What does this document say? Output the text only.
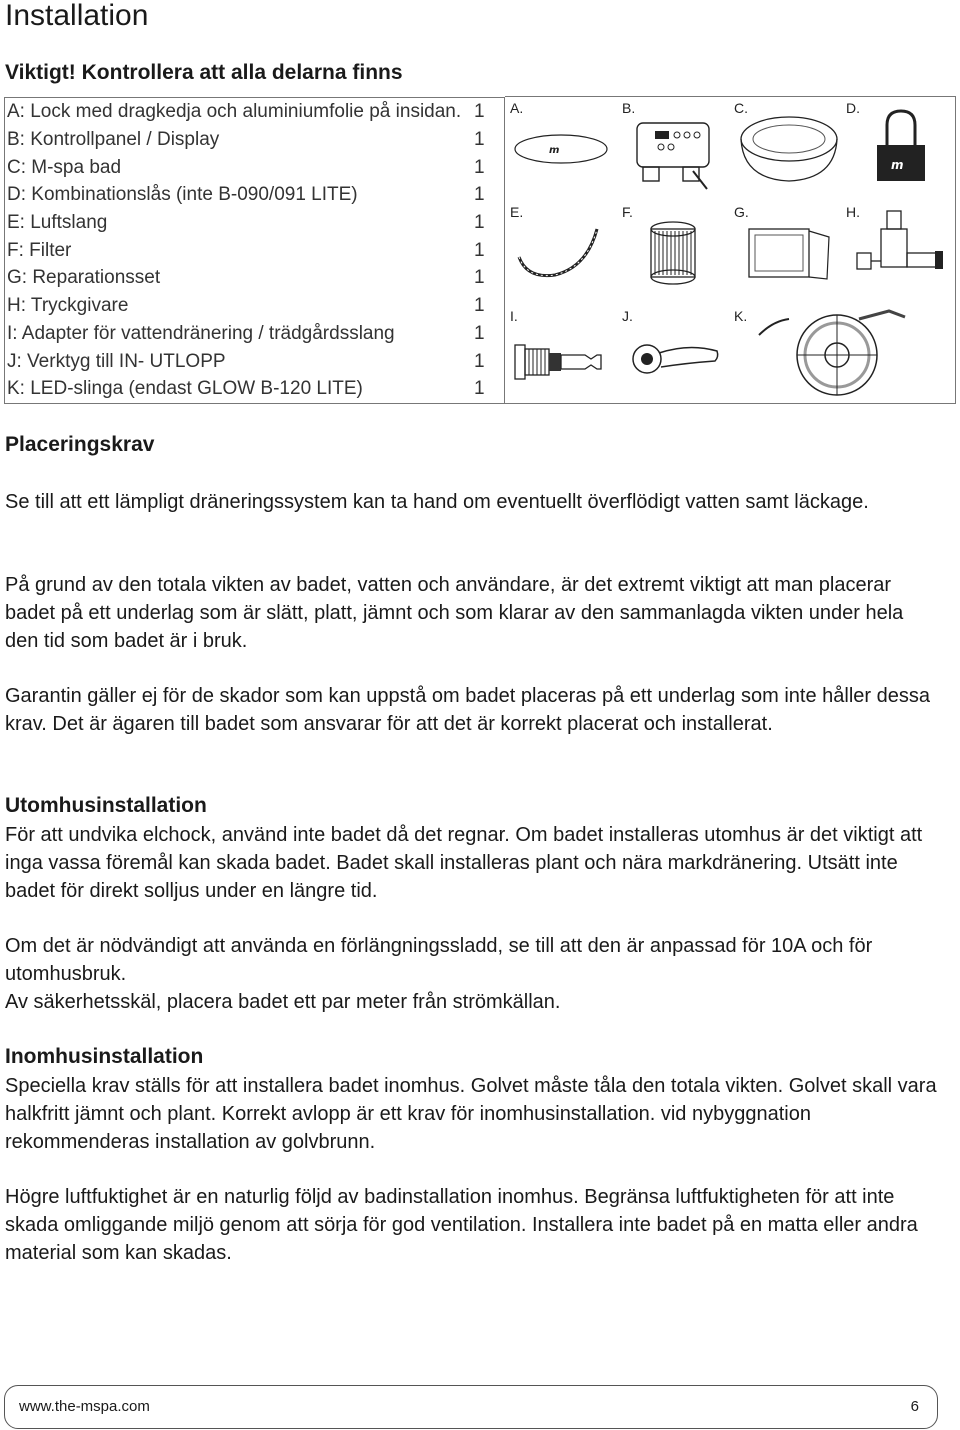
Installation
Viktigt! Kontrollera att alla delarna finns
A: Lock med dragkedja och aluminiumfolie på insidan.	1
B: Kontrollpanel / Display	1
C: M-spa bad	1
D: Kombinationslås (inte B-090/091 LITE)	1
E: Luftslang	1
F: Filter	1
G: Reparationsset	1
H: Tryckgivare	1
I: Adapter för vattendränering / trädgårdsslang	1
J: Verktyg till IN- UTLOPP	1
K: LED-slinga (endast GLOW B-120 LITE)	1
A.
m
B.	C.	D.
m
E.	F.	G.	H.
I.	J.	K.
Placeringskrav

Se till att ett lämpligt dräneringssystem kan ta hand om eventuellt överflödigt vatten samt läckage.

På grund av den totala vikten av badet, vatten och användare, är det extremt viktigt att man placerar badet på ett underlag som är slätt, platt, jämnt och som klarar av den sammanlagda vikten under hela den tid som badet är i bruk.

Garantin gäller ej för de skador som kan uppstå om badet placeras på ett underlag som inte håller dessa krav. Det är ägaren till badet som ansvarar för att det är korrekt placerat och installerat.

Utomhusinstallation

För att undvika elchock, använd inte badet då det regnar. Om badet installeras utomhus är det viktigt att inga vassa föremål kan skada badet. Badet skall installeras plant och nära markdränering. Utsätt inte badet för direkt solljus under en längre tid.

Om det är nödvändigt att använda en förlängningssladd, se till att den är anpassad för 10A och för utomhusbruk.

Av säkerhetsskäl, placera badet ett par meter från strömkällan.

Inomhusinstallation

Speciella krav ställs för att installera badet inomhus. Golvet måste tåla den totala vikten. Golvet skall vara halkfritt jämnt och plant. Korrekt avlopp är ett krav för inomhusinstallation. vid nybyggnation rekommenderas installation av golvbrunn.

Högre luftfuktighet är en naturlig följd av badinstallation inomhus. Begränsa luftfuktigheten för att inte skada omliggande miljö genom att sörja för god ventilation. Installera inte badet på en matta eller andra material som kan skadas.

www.the-mspa.com	6
